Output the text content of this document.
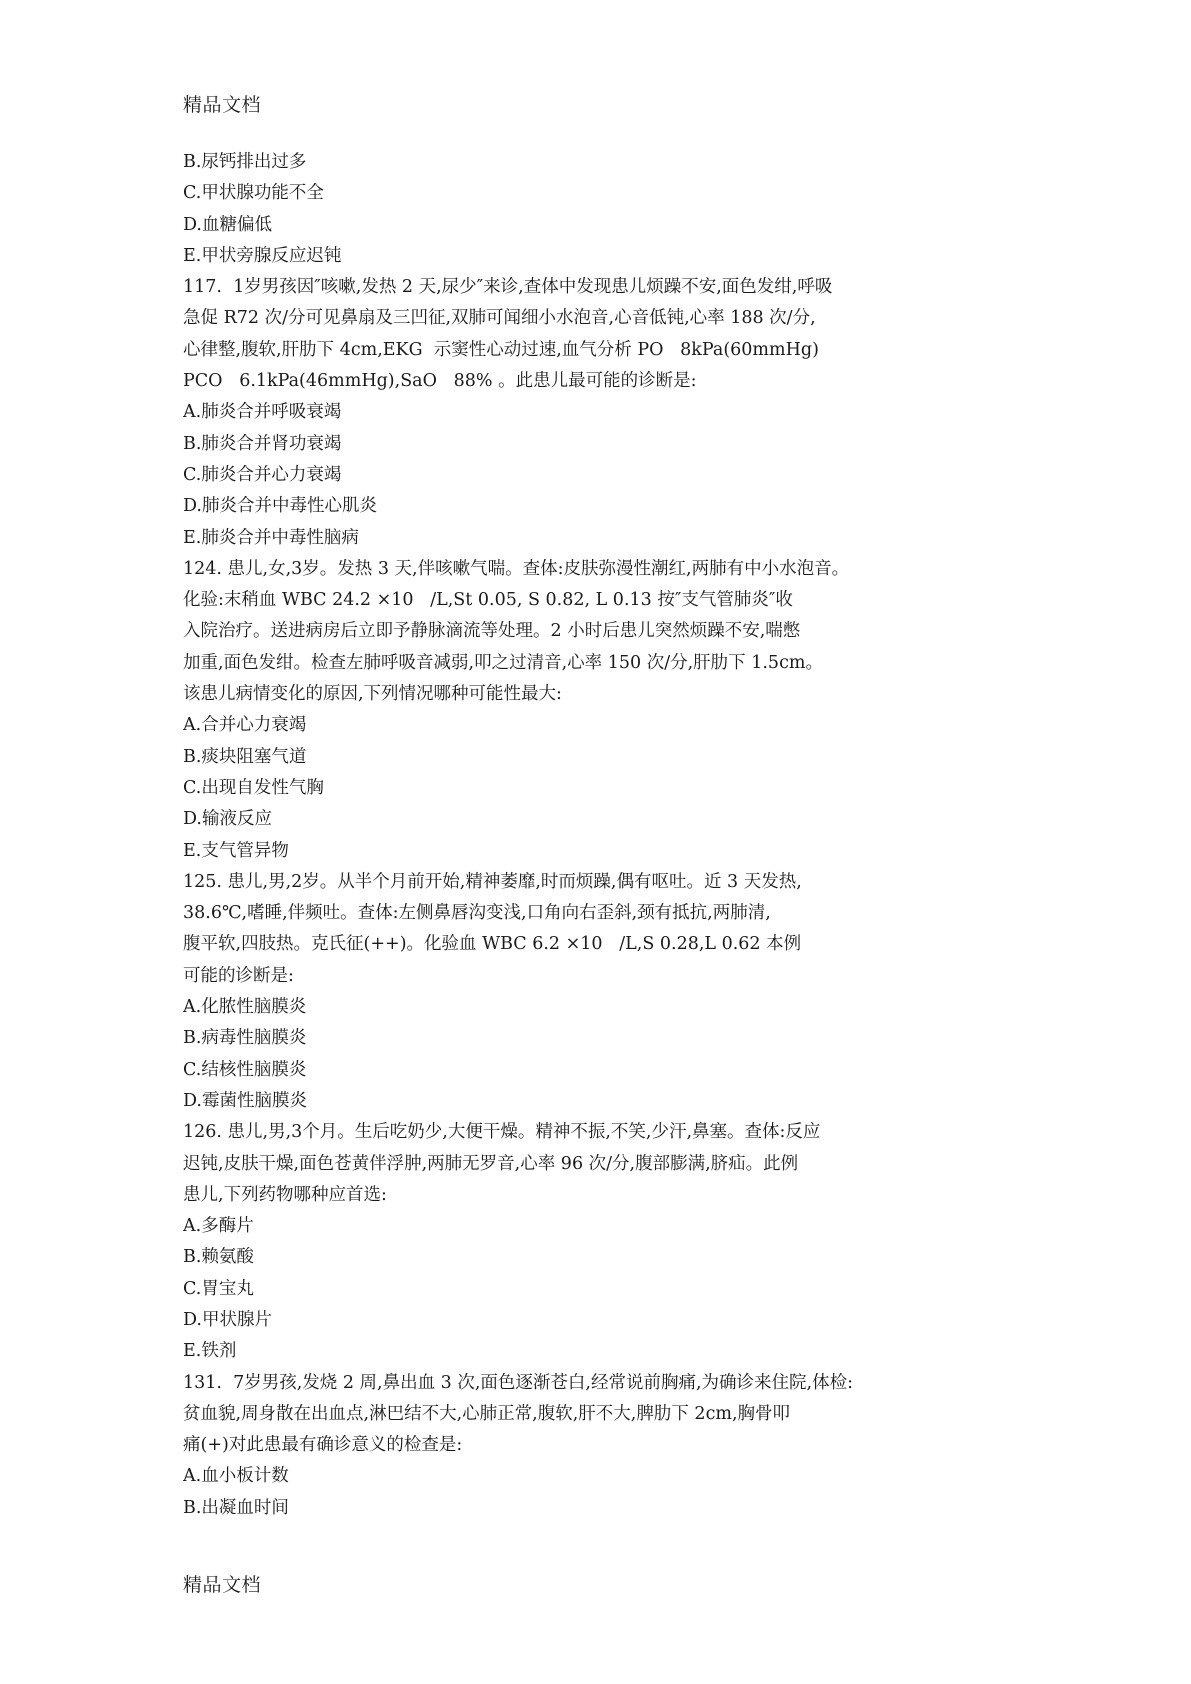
精品文档
B.尿钙排出过多
C.甲状腺功能不全
D.血糖偏低
E.甲状旁腺反应迟钝
117.  1岁男孩因″咳嗽,发热 2 天,尿少″来诊,查体中发现患儿烦躁不安,面色发绀,呼吸
急促 R72 次/分可见鼻扇及三凹征,双肺可闻细小水泡音,心音低钝,心率 188 次/分,
心律整,腹软,肝肋下 4cm,EKG  示窦性心动过速,血气分析 PO   8kPa(60mmHg)
PCO   6.1kPa(46mmHg),SaO   88% 。此患儿最可能的诊断是:
A.肺炎合并呼吸衰竭
B.肺炎合并肾功衰竭
C.肺炎合并心力衰竭
D.肺炎合并中毒性心肌炎
E.肺炎合并中毒性脑病
124. 患儿,女,3岁。发热 3 天,伴咳嗽气喘。查体:皮肤弥漫性潮红,两肺有中小水泡音。
化验:末稍血 WBC 24.2 ×10   /L,St 0.05, S 0.82, L 0.13 按″支气管肺炎″收
入院治疗。送进病房后立即予静脉滴流等处理。2 小时后患儿突然烦躁不安,喘憋
加重,面色发绀。检查左肺呼吸音减弱,叩之过清音,心率 150 次/分,肝肋下 1.5cm。
该患儿病情变化的原因,下列情况哪种可能性最大:
A.合并心力衰竭
B.痰块阻塞气道
C.出现自发性气胸
D.输液反应
E.支气管异物
125. 患儿,男,2岁。从半个月前开始,精神萎靡,时而烦躁,偶有呕吐。近 3 天发热,
38.6℃,嗜睡,伴频吐。查体:左侧鼻唇沟变浅,口角向右歪斜,颈有抵抗,两肺清,
腹平软,四肢热。克氏征(++)。化验血 WBC 6.2 ×10   /L,S 0.28,L 0.62 本例
可能的诊断是:
A.化脓性脑膜炎
B.病毒性脑膜炎
C.结核性脑膜炎
D.霉菌性脑膜炎
126. 患儿,男,3个月。生后吃奶少,大便干燥。精神不振,不笑,少汗,鼻塞。查体:反应
迟钝,皮肤干燥,面色苍黄伴浮肿,两肺无罗音,心率 96 次/分,腹部膨满,脐疝。此例
患儿,下列药物哪种应首选:
A.多酶片
B.赖氨酸
C.胃宝丸
D.甲状腺片
E.铁剂
131.  7岁男孩,发烧 2 周,鼻出血 3 次,面色逐渐苍白,经常说前胸痛,为确诊来住院,体检:
贫血貌,周身散在出血点,淋巴结不大,心肺正常,腹软,肝不大,脾肋下 2cm,胸骨叩
痛(+)对此患最有确诊意义的检查是:
A.血小板计数
B.出凝血时间
精品文档
